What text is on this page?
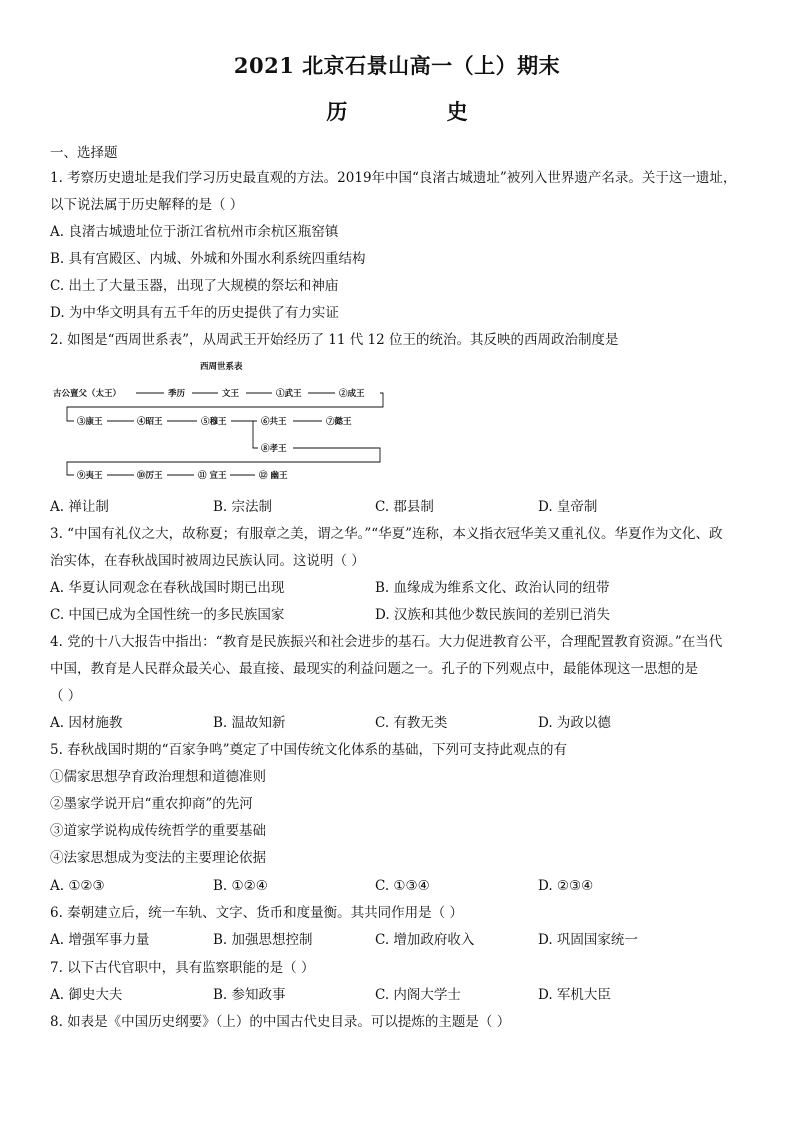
2021 北京石景山高一（上）期末
历 史
一、选择题
1. 考察历史遗址是我们学习历史最直观的方法。2019年中国“良渚古城遗址”被列入世界遗产名录。关于这一遗址，
以下说法属于历史解释的是（ ）
A. 良渚古城遗址位于浙江省杭州市余杭区瓶窑镇
B. 具有宫殿区、内城、外城和外围水利系统四重结构
C. 出土了大量玉器，出现了大规模的祭坛和神庙
D. 为中华文明具有五千年的历史提供了有力实证
2. 如图是“西周世系表”，从周武王开始经历了 11 代 12 位王的统治。其反映的西周政治制度是
西周世系表
古公亶父（太王）	季历	文王	①武王	②成王
③康王	④昭王	⑤穆王	⑥共王	⑦懿王
⑧孝王
⑨夷王	⑩厉王	⑪ 宣王	⑫ 幽王
A. 禅让制	B. 宗法制	C. 郡县制	D. 皇帝制
3. “中国有礼仪之大，故称夏；有服章之美，谓之华。”“华夏”连称，本义指衣冠华美又重礼仪。华夏作为文化、政
治实体，在春秋战国时被周边民族认同。这说明（ ）
A. 华夏认同观念在春秋战国时期已出现	B. 血缘成为维系文化、政治认同的纽带
C. 中国已成为全国性统一的多民族国家	D. 汉族和其他少数民族间的差别已消失
4. 党的十八大报告中指出：“教育是民族振兴和社会进步的基石。大力促进教育公平，合理配置教育资源。”在当代
中国，教育是人民群众最关心、最直接、最现实的利益问题之一。孔子的下列观点中，最能体现这一思想的是
（ ）
A. 因材施教	B. 温故知新	C. 有教无类	D. 为政以德
5. 春秋战国时期的“百家争鸣”奠定了中国传统文化体系的基础，下列可支持此观点的有
①儒家思想孕育政治理想和道德准则
②墨家学说开启“重农抑商”的先河
③道家学说构成传统哲学的重要基础
④法家思想成为变法的主要理论依据
A. ①②③	B. ①②④	C. ①③④	D. ②③④
6. 秦朝建立后，统一车轨、文字、货币和度量衡。其共同作用是（ ）
A. 增强军事力量	B. 加强思想控制	C. 增加政府收入	D. 巩固国家统一
7. 以下古代官职中，具有监察职能的是（ ）
A. 御史大夫	B. 参知政事	C. 内阁大学士	D. 军机大臣
8. 如表是《中国历史纲要》（上）的中国古代史目录。可以提炼的主题是（ ）
